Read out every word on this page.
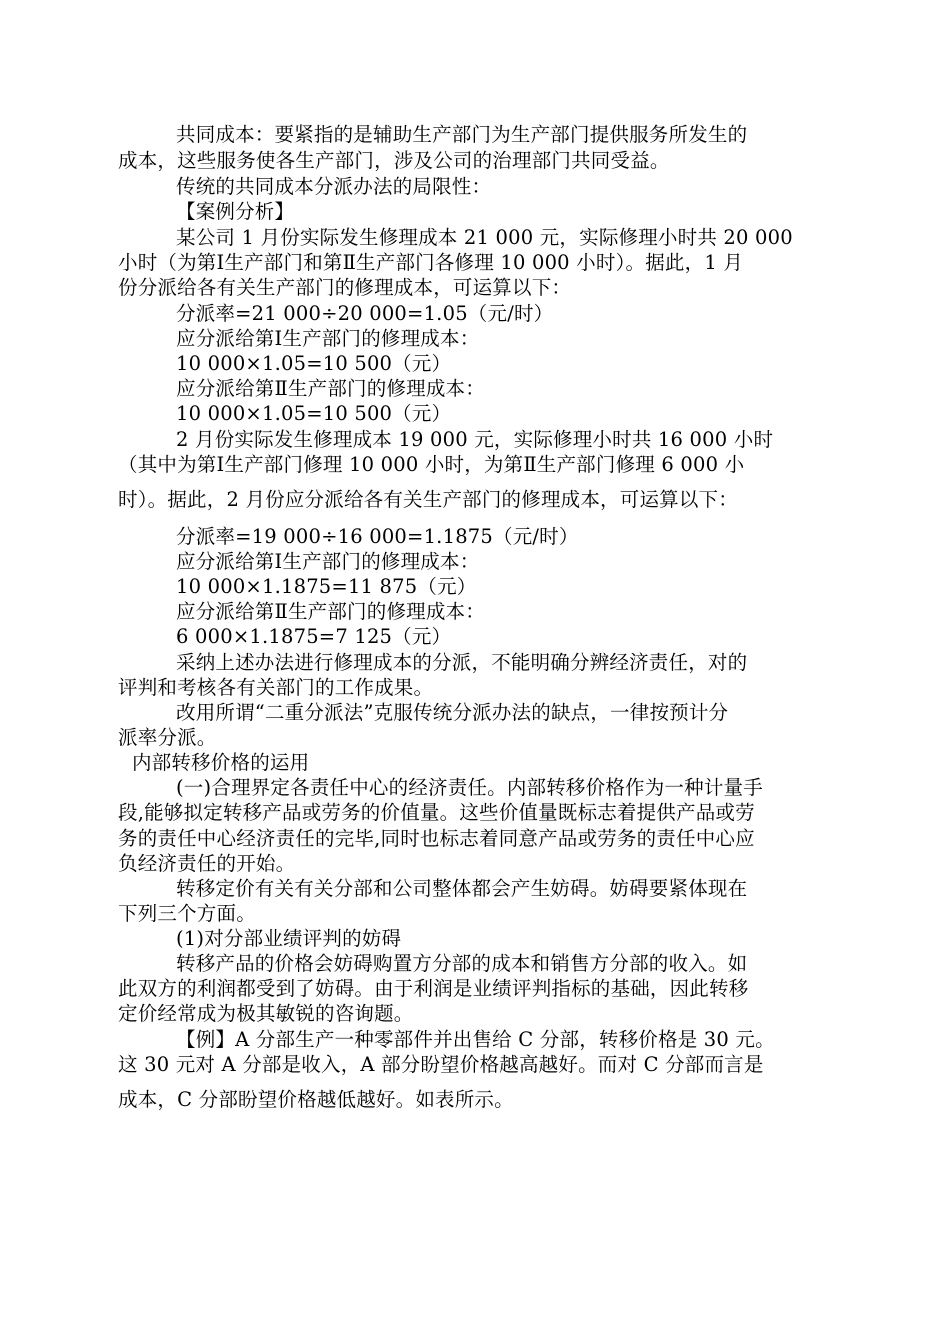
共同成本：要紧指的是辅助生产部门为生产部门提供服务所发生的
成本，这些服务使各生产部门，涉及公司的治理部门共同受益。
传统的共同成本分派办法的局限性：
【案例分析】
某公司 1 月份实际发生修理成本 21 000 元，实际修理小时共 20 000
小时（为第Ⅰ生产部门和第Ⅱ生产部门各修理 10 000 小时）。据此，1 月
份分派给各有关生产部门的修理成本，可运算以下：
分派率=21 000÷20 000=1.05（元/时）
应分派给第Ⅰ生产部门的修理成本：
10 000×1.05=10 500（元）
应分派给第Ⅱ生产部门的修理成本：
10 000×1.05=10 500（元）
2 月份实际发生修理成本 19 000 元，实际修理小时共 16 000 小时
（其中为第Ⅰ生产部门修理 10 000 小时，为第Ⅱ生产部门修理 6 000 小
时）。据此，2 月份应分派给各有关生产部门的修理成本，可运算以下：
分派率=19 000÷16 000=1.1875（元/时）
应分派给第Ⅰ生产部门的修理成本：
10 000×1.1875=11 875（元）
应分派给第Ⅱ生产部门的修理成本：
6 000×1.1875=7 125（元）
采纳上述办法进行修理成本的分派，不能明确分辨经济责任，对的
评判和考核各有关部门的工作成果。
改用所谓“二重分派法”克服传统分派办法的缺点，一律按预计分
派率分派。
内部转移价格的运用
(一)合理界定各责任中心的经济责任。内部转移价格作为一种计量手
段,能够拟定转移产品或劳务的价值量。这些价值量既标志着提供产品或劳
务的责任中心经济责任的完毕,同时也标志着同意产品或劳务的责任中心应
负经济责任的开始。
转移定价有关有关分部和公司整体都会产生妨碍。妨碍要紧体现在
下列三个方面。
(1)对分部业绩评判的妨碍
转移产品的价格会妨碍购置方分部的成本和销售方分部的收入。如
此双方的利润都受到了妨碍。由于利润是业绩评判指标的基础，因此转移
定价经常成为极其敏锐的咨询题。
【例】A 分部生产一种零部件并出售给 C 分部，转移价格是 30 元。
这 30 元对 A 分部是收入，A 部分盼望价格越高越好。而对 C 分部而言是
成本，C 分部盼望价格越低越好。如表所示。
